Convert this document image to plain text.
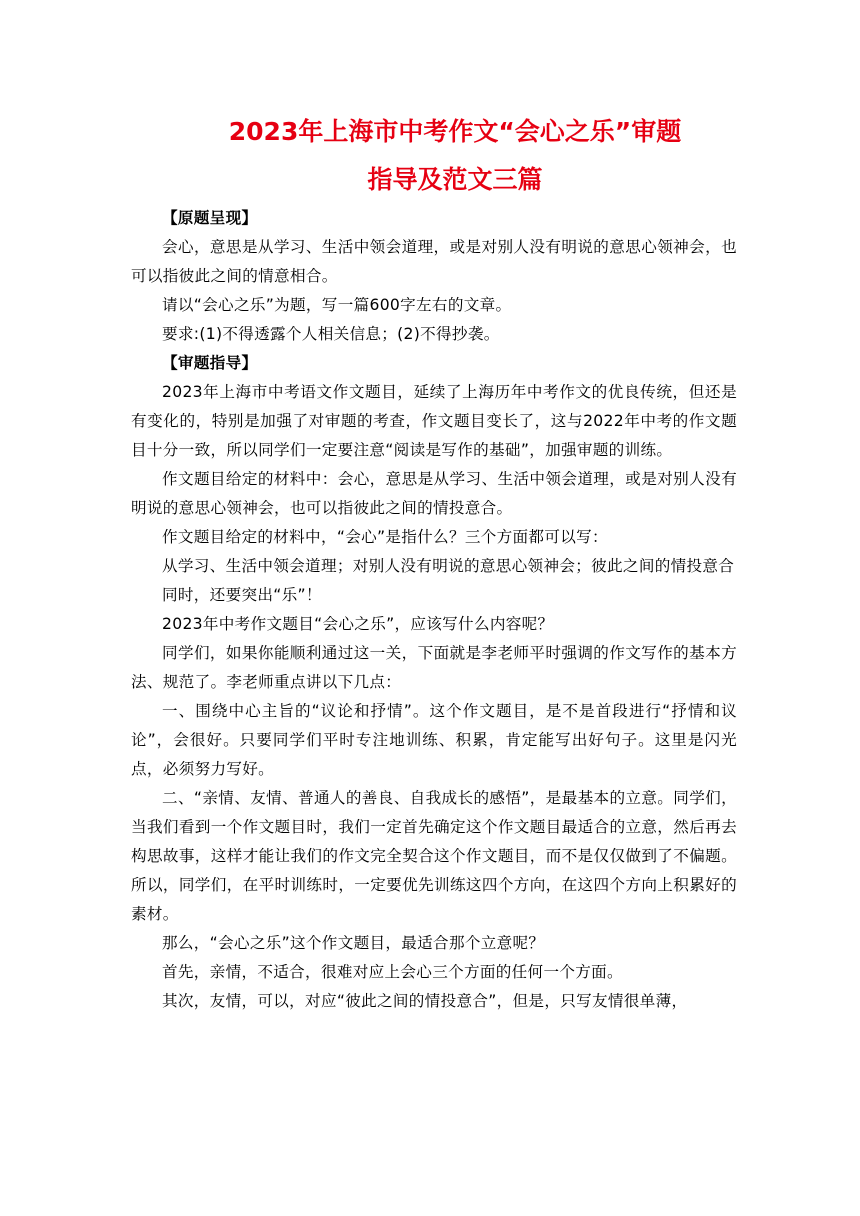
2023年上海市中考作文“会心之乐”审题
指导及范文三篇

【原题呈现】

会心，意思是从学习、生活中领会道理，或是对别人没有明说的意思心领神会，也可以指彼此之间的情意相合。

请以“会心之乐”为题，写一篇600字左右的文章。

要求:(1)不得透露个人相关信息；(2)不得抄袭。

【审题指导】

2023年上海市中考语文作文题目，延续了上海历年中考作文的优良传统，但还是有变化的，特别是加强了对审题的考查，作文题目变长了，这与2022年中考的作文题目十分一致，所以同学们一定要注意“阅读是写作的基础”，加强审题的训练。

作文题目给定的材料中：会心，意思是从学习、生活中领会道理，或是对别人没有明说的意思心领神会，也可以指彼此之间的情投意合。

作文题目给定的材料中，“会心”是指什么？三个方面都可以写：

从学习、生活中领会道理；对别人没有明说的意思心领神会；彼此之间的情投意合

同时，还要突出“乐”！

2023年中考作文题目“会心之乐”，应该写什么内容呢？

同学们，如果你能顺利通过这一关，下面就是李老师平时强调的作文写作的基本方法、规范了。李老师重点讲以下几点：

一、围绕中心主旨的“议论和抒情”。这个作文题目，是不是首段进行“抒情和议论”，会很好。只要同学们平时专注地训练、积累，肯定能写出好句子。这里是闪光点，必须努力写好。

二、“亲情、友情、普通人的善良、自我成长的感悟”，是最基本的立意。同学们，当我们看到一个作文题目时，我们一定首先确定这个作文题目最适合的立意，然后再去构思故事，这样才能让我们的作文完全契合这个作文题目，而不是仅仅做到了不偏题。所以，同学们，在平时训练时，一定要优先训练这四个方向，在这四个方向上积累好的素材。

那么，“会心之乐”这个作文题目，最适合那个立意呢？

首先，亲情，不适合，很难对应上会心三个方面的任何一个方面。

其次，友情，可以，对应“彼此之间的情投意合”，但是，只写友情很单薄，
